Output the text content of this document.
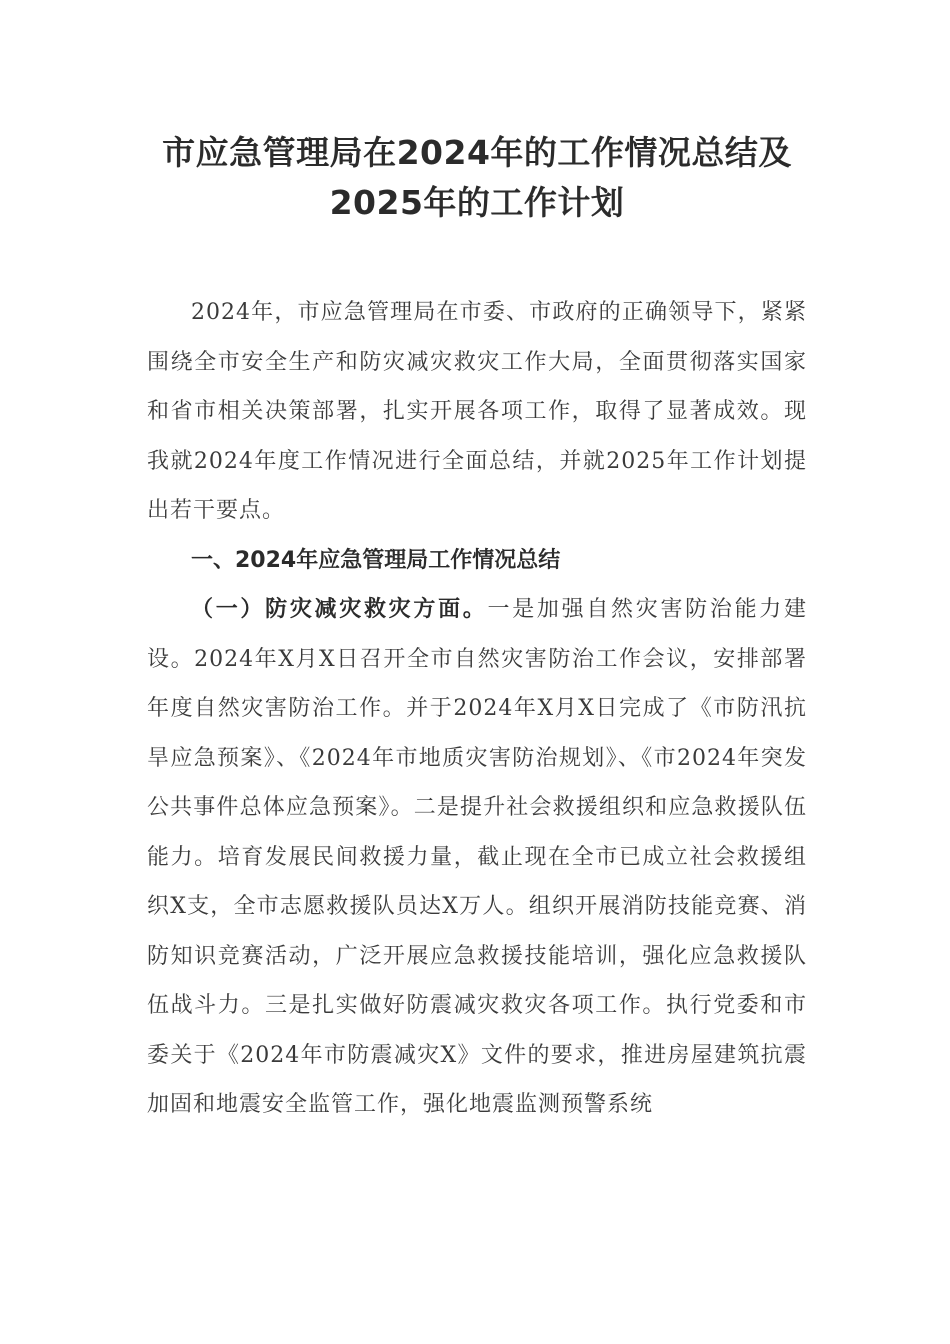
市应急管理局在2024年的工作情况总结及
2025年的工作计划

2024年，市应急管理局在市委、市政府的正确领导下，紧紧围绕全市安全生产和防灾减灾救灾工作大局，全面贯彻落实国家和省市相关决策部署，扎实开展各项工作，取得了显著成效。现我就2024年度工作情况进行全面总结，并就2025年工作计划提出若干要点。

一、2024年应急管理局工作情况总结

（一）防灾减灾救灾方面。一是加强自然灾害防治能力建设。2024年X月X日召开全市自然灾害防治工作会议，安排部署年度自然灾害防治工作。并于2024年X月X日完成了《市防汛抗旱应急预案》、《2024年市地质灾害防治规划》、《市2024年突发公共事件总体应急预案》。二是提升社会救援组织和应急救援队伍能力。培育发展民间救援力量，截止现在全市已成立社会救援组织X支，全市志愿救援队员达X万人。组织开展消防技能竞赛、消防知识竞赛活动，广泛开展应急救援技能培训，强化应急救援队伍战斗力。三是扎实做好防震减灾救灾各项工作。执行党委和市委关于《2024年市防震减灾X》文件的要求，推进房屋建筑抗震加固和地震安全监管工作，强化地震监测预警系统
